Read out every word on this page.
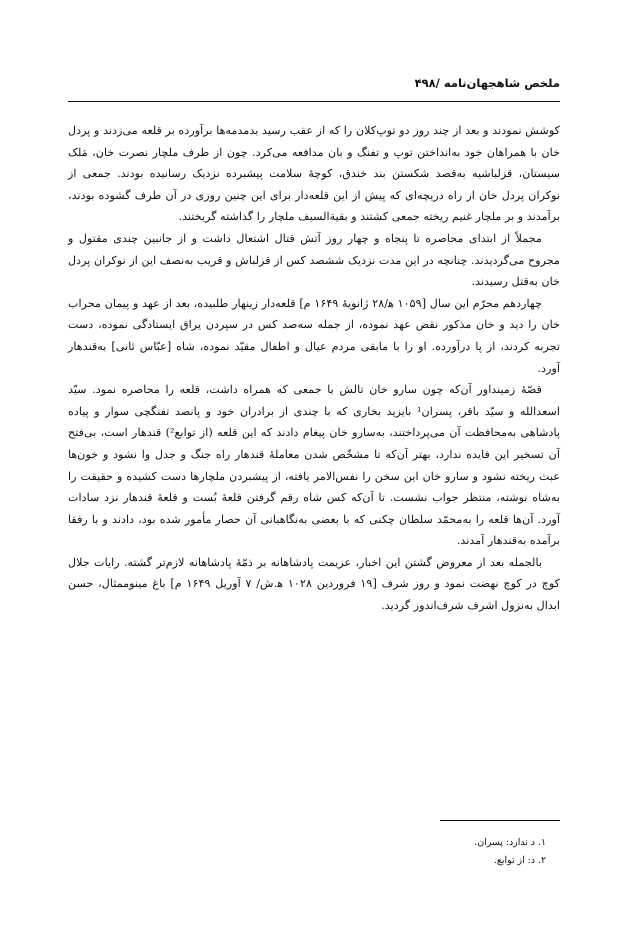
ملخص شاهجهان‌نامه /۴۹۸

کوشش نمودند و بعد از چند روز دو توپ‌کلان را که از عقب رسید بدمدمه‌ها برآورده بر قلعه می‌زدند و پردل خان با همراهان خود به‌انداختن توپ و تفنگ و بان مدافعه می‌کرد. چون از طرف ملچار نصرت خان، مَلک سیستان، قزلباشیه به‌قصد شکستن بند خندق، کوچهٔ سلامت پیشبرده نزدیک رسانیده بودند. جمعی از نوکران پردل خان از راه دریچه‌ای که پیش از این قلعه‌دار برای این چنین روزی در آن طرف گشوده بودند، برآمدند و بر ملچار غنیم ریخته جمعی کشتند و بقیة‌السیف ملچار را گذاشته گریختند.

مجملاً از ابتدای محاصره تا پنجاه و چهار روز آتش قتال اشتعال داشت و از جانبین چندی مقتول و مجروح می‌گردیدند. چنانچه در این مدت نزدیک ششصد کس از قزلباش و قریب به‌نصف این از نوکران پردل خان به‌قتل رسیدند.

چهاردهم محرّم این سال [۱۰۵۹ ه‍/۲۸ ژانویهٔ ۱۶۴۹ م] قلعه‌دار زینهار طلبیده، بعد از عهد و پیمان محراب خان را دید و خان مذکور نقض عهد نموده، از جمله سه‌صد کس در سپردن یراق ایستادگی نموده، دست تجربه کردند، از پا درآورده. او را با مابقی مردم عیال و اطفال مقیّد نموده، شاه [عبّاس ثانی] به‌قندهار آورد.

قصّهٔ زمینداور آن‌که چون سارو خان تالش با جمعی که همراه داشت، قلعه را محاصره نمود. سیّد اسعدالله و سیّد باقر، پسران¹ بایزید بخاری که با چندی از برادران خود و پانصد تفنگچی سوار و پیاده پادشاهی به‌محافظت آن می‌پرداختند، به‌سارو خان پیغام دادند که این قلعه (از توابع²) قندهار است، بی‌فتح آن تسخیر این فایده ندارد، بهتر آن‌که تا مشخّص شدن معاملهٔ قندهار راه جنگ و جدل وا نشود و خون‌ها عبث ریخته نشود و سارو خان این سخن را نفس‌الامر یافته، از پیشبردن ملچارها دست کشیده و حقیقت را به‌شاه نوشته، منتظر جواب نشست. تا آن‌که کس شاه رقم گرفتن قلعهٔ بُست و قلعهٔ قندهار نزد سادات آورد. آن‌ها قلعه را به‌محمّد سلطان چکنی که با بعضی به‌نگاهبانی آن حصار مأمور شده بود، دادند و با رفقا برآمده به‌قندهار آمدند.

بالجمله بعد از معروض گشتن این اخبار، عزیمت پادشاهانه بر ذمّهٔ پادشاهانه لازم‌تر گشته. رایات جلال کوچ در کوچ نهضت نمود و روز شرف [۱۹ فروردین ۱۰۲۸ ه‍.ش/ ۷ آوریل ۱۶۴۹ م] باغ مینوممثال، حسن ابدال به‌نزول اشرف شرف‌اندوز گردید.

۱. د ندارد: پسران.

۲. د: از توابع.
